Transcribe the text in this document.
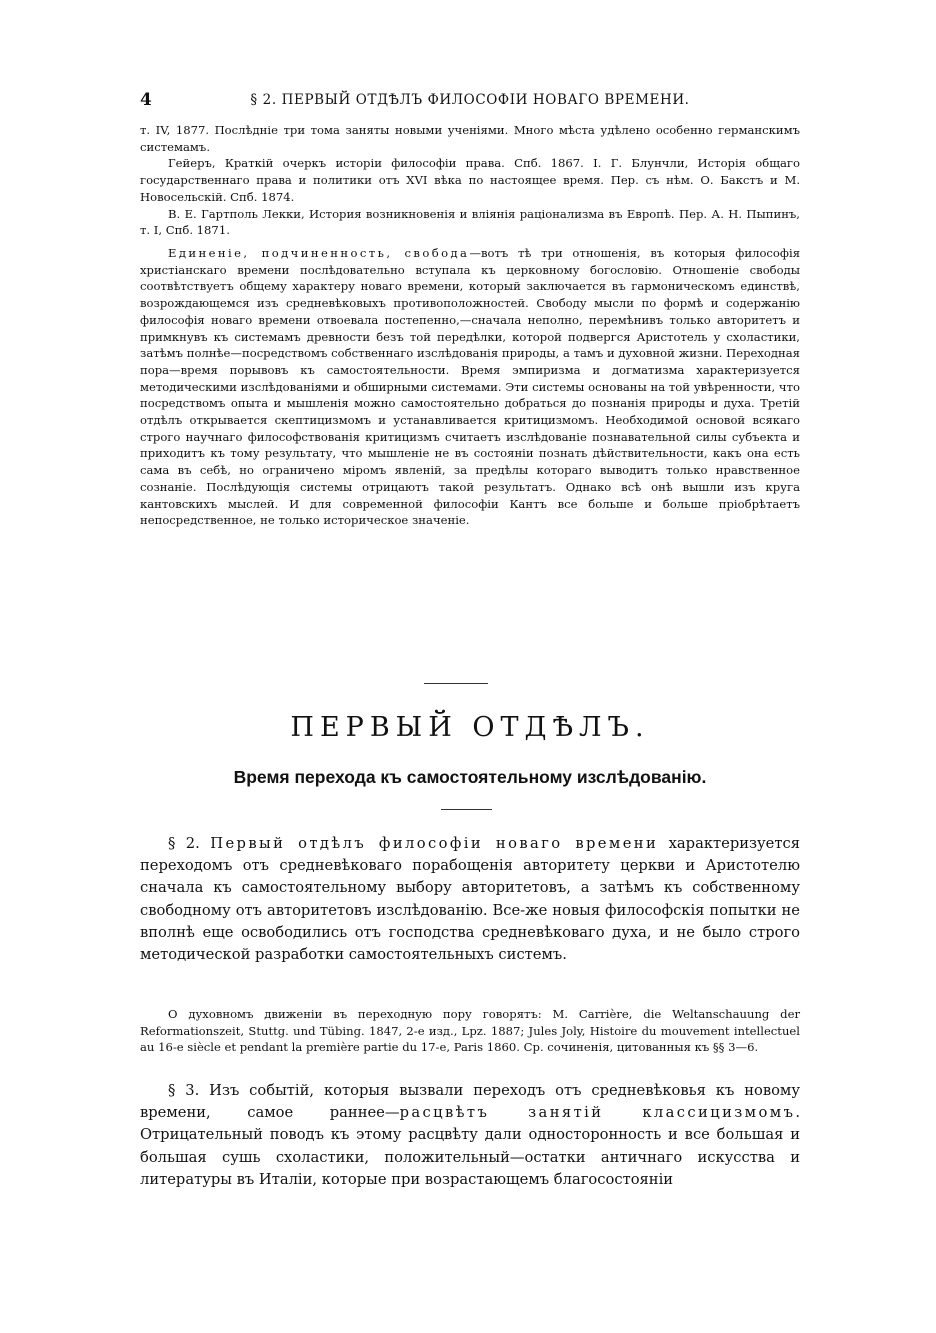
4	§ 2. ПЕРВЫЙ ОТДѢЛЪ ФИЛОСОФІИ НОВАГО ВРЕМЕНИ.

т. IV, 1877. Послѣдніе три тома заняты новыми ученіями. Много мѣста удѣлено особенно германскимъ системамъ.

Гейеръ, Краткій очеркъ исторіи философіи права. Спб. 1867. I. Г. Блунчли, Исторія общаго государственнаго права и политики отъ XVI вѣка по настоящее время. Пер. съ нѣм. О. Бакстъ и М. Новосельскій. Спб. 1874.

В. Е. Гартполь Лекки, История возникновенія и вліянія раціонализма въ Европѣ. Пер. А. Н. Пыпинъ, т. I, Спб. 1871.

Единеніе, подчиненность, свобода—вотъ тѣ три отношенія, въ которыя философія христіанскаго времени послѣдовательно вступала къ церковному богословію. Отношеніе свободы соотвѣтствуетъ общему характеру новаго времени, который заключается въ гармоническомъ единствѣ, возрождающемся изъ средневѣковыхъ противоположностей. Свободу мысли по формѣ и содержанію философія новаго времени отвоевала постепенно,—сначала неполно, перемѣнивъ только авторитетъ и примкнувъ къ системамъ древности безъ той передѣлки, которой подвергся Аристотель у схоластики, затѣмъ полнѣе—посредствомъ собственнаго изслѣдованія природы, а тамъ и духовной жизни. Переходная пора—время порывовъ къ самостоятельности. Время эмпиризма и догматизма характеризуется методическими изслѣдованіями и обширными системами. Эти системы основаны на той увѣренности, что посредствомъ опыта и мышленія можно самостоятельно добраться до познанія природы и духа. Третій отдѣлъ открывается скептицизмомъ и устанавливается критицизмомъ. Необходимой основой всякаго строго научнаго философствованія критицизмъ считаетъ изслѣдованіе познавательной силы субъекта и приходитъ къ тому результату, что мышленіе не въ состояніи познать дѣйствительности, какъ она есть сама въ себѣ, но ограничено міромъ явленій, за предѣлы котораго выводитъ только нравственное сознаніе. Послѣдующія системы отрицаютъ такой результатъ. Однако всѣ онѣ вышли изъ круга кантовскихъ мыслей. И для современной философіи Кантъ все больше и больше пріобрѣтаетъ непосредственное, не только историческое значеніе.

ПЕРВЫЙ ОТДѢЛЪ.
Время перехода къ самостоятельному изслѣдованію.

§ 2. Первый отдѣлъ философіи новаго времени характеризуется переходомъ отъ средневѣковаго порабощенія авторитету церкви и Аристотелю сначала къ самостоятельному выбору авторитетовъ, а затѣмъ къ собственному свободному отъ авторитетовъ изслѣдованію. Все-же новыя философскія попытки не вполнѣ еще освободились отъ господства средневѣковаго духа, и не было строго методической разработки самостоятельныхъ системъ.

О духовномъ движеніи въ переходную пору говорятъ: M. Carrière, die Weltanschauung der Reformationszeit, Stuttg. und Tübing. 1847, 2-е изд., Lpz. 1887; Jules Joly, Histoire du mouvement intellectuel au 16-e siècle et pendant la première partie du 17-e, Paris 1860. Ср. сочиненія, цитованныя къ §§ 3—6.

§ 3. Изъ событій, которыя вызвали переходъ отъ средневѣковья къ новому времени, самое раннее—расцвѣтъ занятій классицизмомъ. Отрицательный поводъ къ этому расцвѣту дали односторонность и все большая и большая сушь схоластики, положительный—остатки античнаго искусства и литературы въ Италіи, которые при возрастающемъ благосостояніи
